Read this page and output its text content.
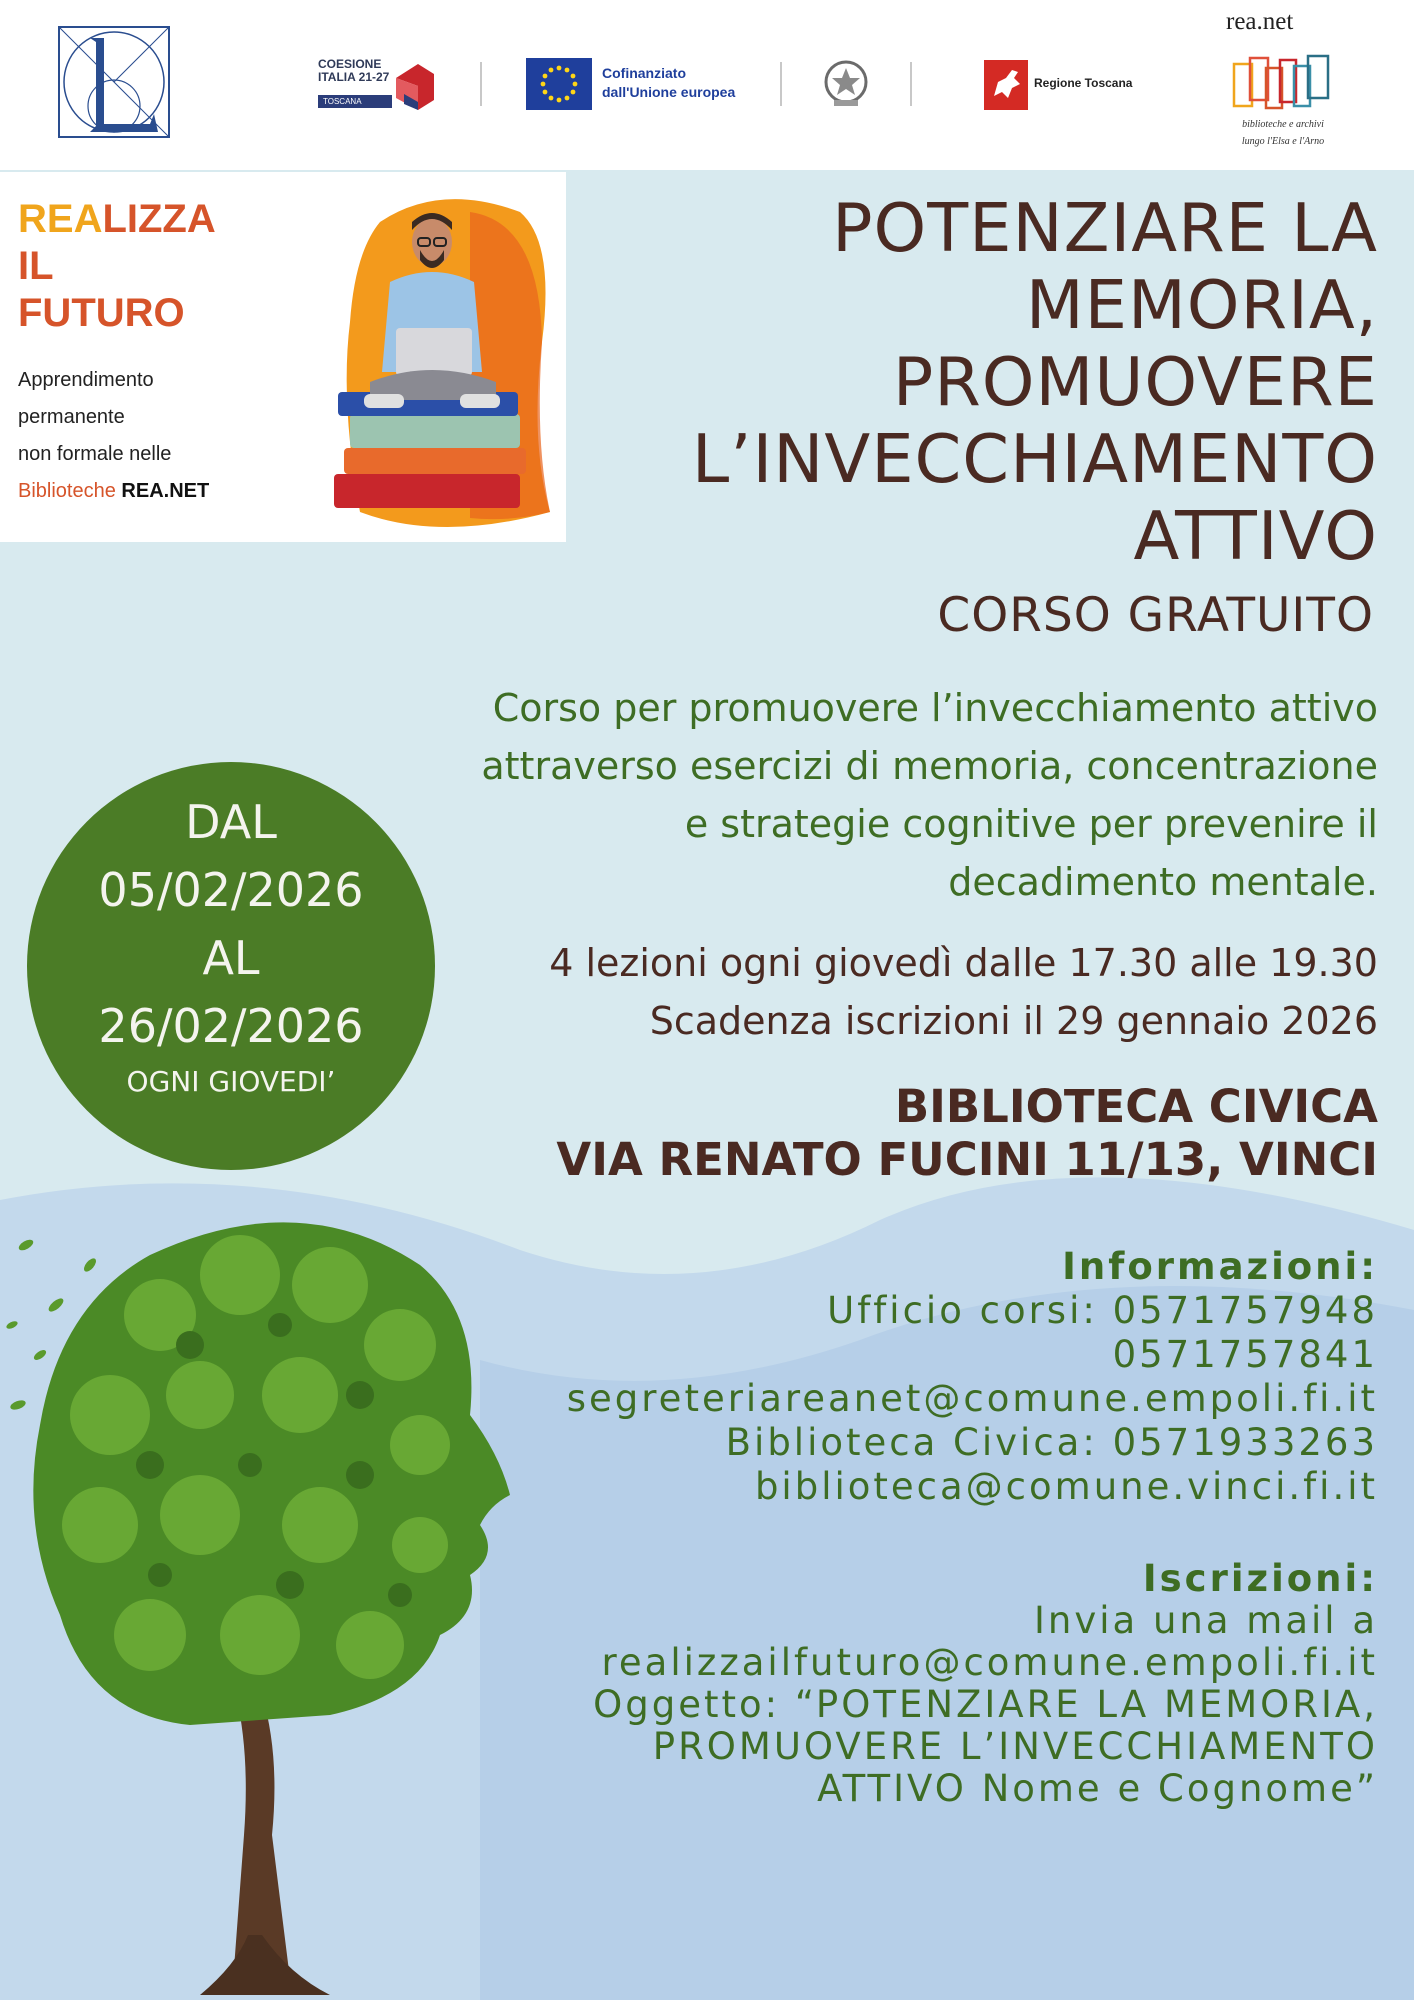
COESIONE
ITALIA 21-27
TOSCANA
Cofinanziato
dall'Unione europea
Regione Toscana
rea.net
biblioteche e archivi
lungo l'Elsa e l'Arno
REALIZZA
IL
FUTURO
Apprendimento
permanente
non formale nelle
Biblioteche REA.NET
POTENZIARE LA
MEMORIA,
PROMUOVERE
L’INVECCHIAMENTO
ATTIVO
CORSO GRATUITO
Corso per promuovere l’invecchiamento attivo
attraverso esercizi di memoria, concentrazione
e strategie cognitive per prevenire il
decadimento mentale.
4 lezioni ogni giovedì dalle 17.30 alle 19.30
Scadenza iscrizioni il 29 gennaio 2026
BIBLIOTECA CIVICA
VIA RENATO FUCINI 11/13, VINCI
DAL
05/02/2026
AL
26/02/2026
OGNI GIOVEDI’
Informazioni:
Ufficio corsi: 0571757948
0571757841
segreteriareanet@comune.empoli.fi.it
Biblioteca Civica: 0571933263
biblioteca@comune.vinci.fi.it
Iscrizioni:
Invia una mail a
realizzailfuturo@comune.empoli.fi.it
Oggetto: “POTENZIARE LA MEMORIA,
PROMUOVERE L’INVECCHIAMENTO
ATTIVO Nome e Cognome”
